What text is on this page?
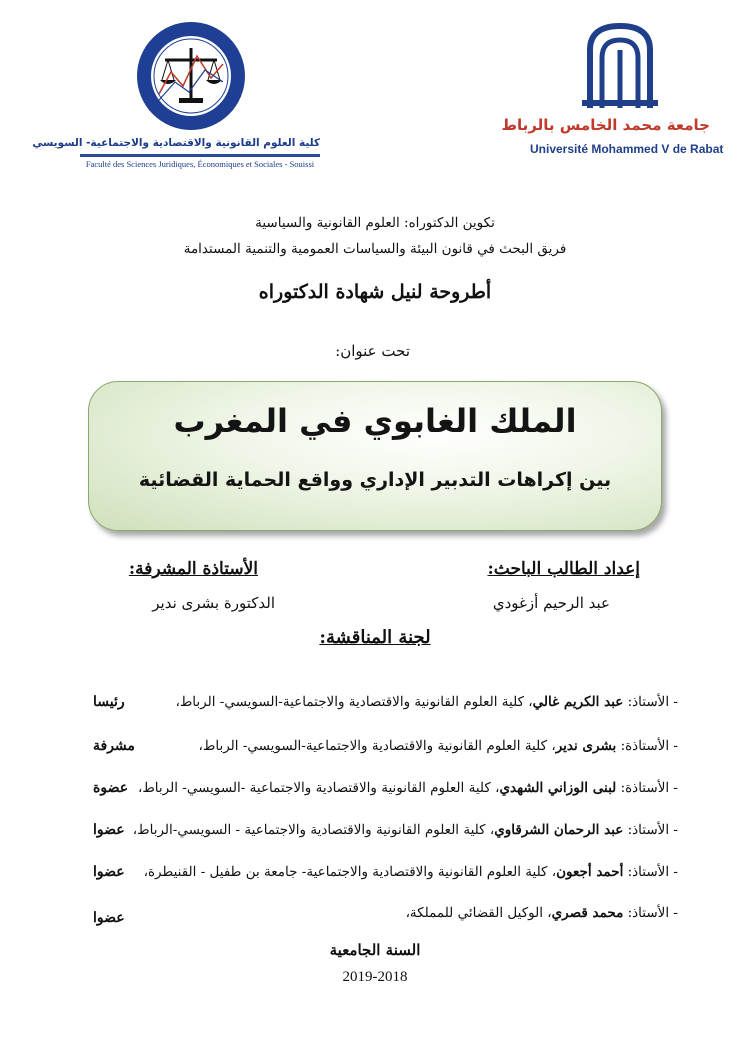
كلية العلوم القانونية والاقتصادية والاجتماعية- السويسي
Faculté des Sciences Juridiques, Économiques et Sociales - Souissi
جامعة محمد الخامس بالرباط
Université Mohammed V de Rabat
تكوين الدكتوراه: العلوم القانونية والسياسية
فريق البحث في قانون البيئة والسياسات العمومية والتنمية المستدامة
أطروحة لنيل شهادة الدكتوراه
تحت عنوان:
الملك الغابوي في المغرب
بين إكراهات التدبير الإداري وواقع الحماية القضائية
إعداد الطالب الباحث:
عبد الرحيم أزغودي
الأستاذة المشرفة:
الدكتورة بشرى ندير
لجنة المناقشة:
- الأستاذ: عبد الكريم غالي، كلية العلوم القانونية والاقتصادية والاجتماعية-السويسي- الرباط،
رئيسا
- الأستاذة: بشرى ندير، كلية العلوم القانونية والاقتصادية والاجتماعية-السويسي- الرباط،
مشرفة
- الأستاذة: لبنى الوزاني الشهدي، كلية العلوم القانونية والاقتصادية والاجتماعية -السويسي- الرباط،
عضوة
- الأستاذ: عبد الرحمان الشرقاوي، كلية العلوم القانونية والاقتصادية والاجتماعية - السويسي-الرباط،
عضوا
- الأستاذ: أحمد أجعون، كلية العلوم القانونية والاقتصادية والاجتماعية- جامعة بن طفيل - القنيطرة،
عضوا
- الأستاذ: محمد قصري، الوكيل القضائي للمملكة،
عضوا
السنة الجامعية
2019-2018
